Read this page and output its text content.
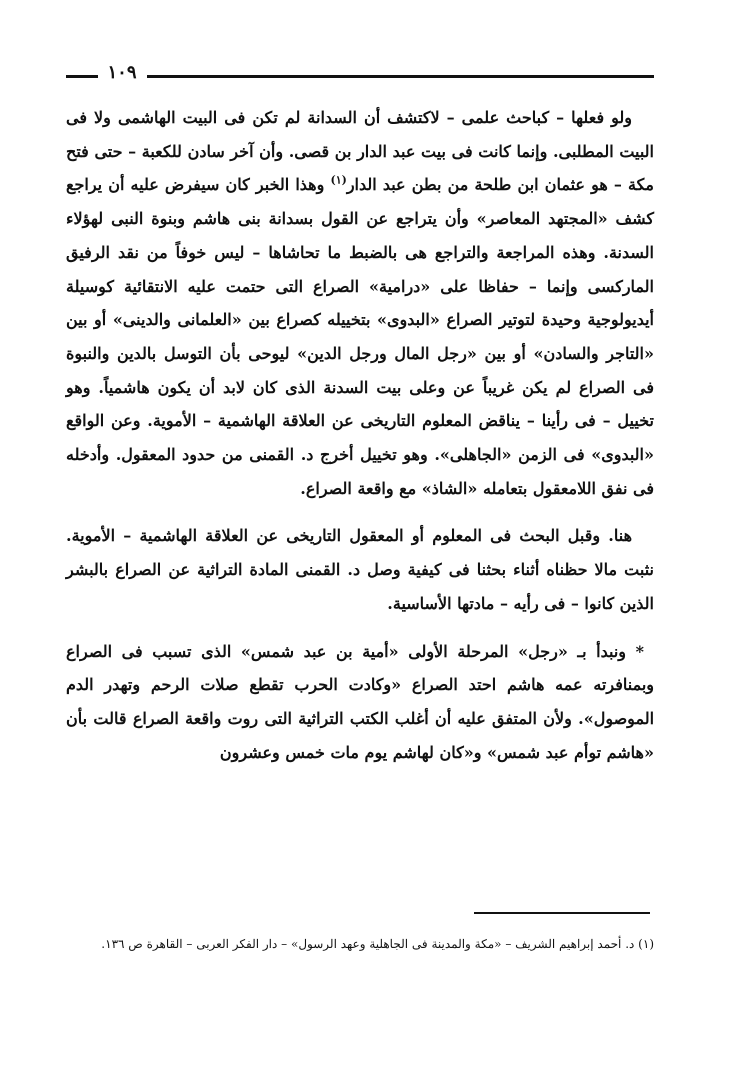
١٠٩

ولو فعلها – كباحث علمى – لاكتشف أن السدانة لم تكن فى البيت الهاشمى ولا فى البيت المطلبى. وإنما كانت فى بيت عبد الدار بن قصى. وأن آخر سادن للكعبة – حتى فتح مكة – هو عثمان ابن طلحة من بطن عبد الدار$^{(١)}$ وهذا الخبر كان سيفرض عليه أن يراجع كشف «المجتهد المعاصر» وأن يتراجع عن القول بسدانة بنى هاشم وبنوة النبى لهؤلاء السدنة. وهذه المراجعة والتراجع هى بالضبط ما تحاشاها – ليس خوفاً من نقد الرفيق الماركسى وإنما – حفاظا على «درامية» الصراع التى حتمت عليه الانتقائية كوسيلة أيديولوجية وحيدة لتوتير الصراع «البدوى» بتخييله كصراع بين «العلمانى والدينى» أو بين «التاجر والسادن» أو بين «رجل المال ورجل الدين» ليوحى بأن التوسل بالدين والنبوة فى الصراع لم يكن غريباً عن وعلى بيت السدنة الذى كان لابد أن يكون هاشمياً. وهو تخييل – فى رأينا – يناقض المعلوم التاريخى عن العلاقة الهاشمية – الأموية. وعن الواقع «البدوى» فى الزمن «الجاهلى». وهو تخييل أخرج د. القمنى من حدود المعقول. وأدخله فى نفق اللامعقول بتعامله «الشاذ» مع واقعة الصراع.

هنا. وقبل البحث فى المعلوم أو المعقول التاريخى عن العلاقة الهاشمية – الأموية. نثبت مالا حظناه أثناء بحثنا فى كيفية وصل د. القمنى المادة التراثية عن الصراع بالبشر الذين كانوا – فى رأيه – مادتها الأساسية.

* ونبدأ بـ «رجل» المرحلة الأولى «أمية بن عبد شمس» الذى تسبب فى الصراع وبمنافرته عمه هاشم احتد الصراع «وكادت الحرب تقطع صلات الرحم وتهدر الدم الموصول». ولأن المتفق عليه أن أغلب الكتب التراثية التى روت واقعة الصراع قالت بأن «هاشم توأم عبد شمس» و«كان لهاشم يوم مات خمس وعشرون

(١) د. أحمد إبراهيم الشريف – «مكة والمدينة فى الجاهلية وعهد الرسول» – دار الفكر العربى – القاهرة ص ١٣٦.
